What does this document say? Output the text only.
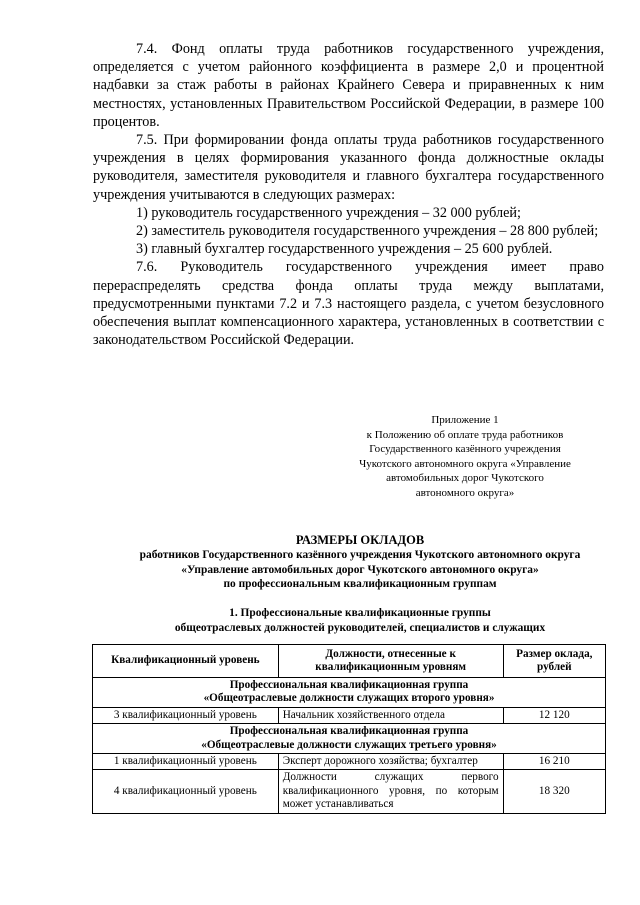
7.4. Фонд оплаты труда работников государственного учреждения, определяется с учетом районного коэффициента в размере 2,0 и процентной надбавки за стаж работы в районах Крайнего Севера и приравненных к ним местностях, установленных Правительством Российской Федерации, в размере 100 процентов.

7.5. При формировании фонда оплаты труда работников государственного учреждения в целях формирования указанного фонда должностные оклады руководителя, заместителя руководителя и главного бухгалтера государственного учреждения учитываются в следующих размерах:

1) руководитель государственного учреждения – 32 000 рублей;

2) заместитель руководителя государственного учреждения – 28 800 рублей;

3) главный бухгалтер государственного учреждения – 25 600 рублей.

7.6. Руководитель государственного учреждения имеет право перераспределять средства фонда оплаты труда между выплатами, предусмотренными пунктами 7.2 и 7.3 настоящего раздела, с учетом безусловного обеспечения выплат компенсационного характера, установленных в соответствии с законодательством Российской Федерации.

Приложение 1
к Положению об оплате труда работников
Государственного казённого учреждения
Чукотского автономного округа «Управление
автомобильных дорог Чукотского
автономного округа»
РАЗМЕРЫ ОКЛАДОВ
работников Государственного казённого учреждения Чукотского автономного округа
«Управление автомобильных дорог Чукотского автономного округа»
по профессиональным квалификационным группам
1. Профессиональные квалификационные группы
общеотраслевых должностей руководителей, специалистов и служащих
Квалификационный уровень	Должности, отнесенные к квалификационным уровням	Размер оклада, рублей

Профессиональная квалификационная группа
«Общеотраслевые должности служащих второго уровня»		

3 квалификационный уровень	Начальник хозяйственного отдела	12 120

Профессиональная квалификационная группа
«Общеотраслевые должности служащих третьего уровня»		

1 квалификационный уровень	Эксперт дорожного хозяйства; бухгалтер	16 210
4 квалификационный уровень	Должности служащих первого квалификационного уровня, по которым может устанавливаться	18 320
